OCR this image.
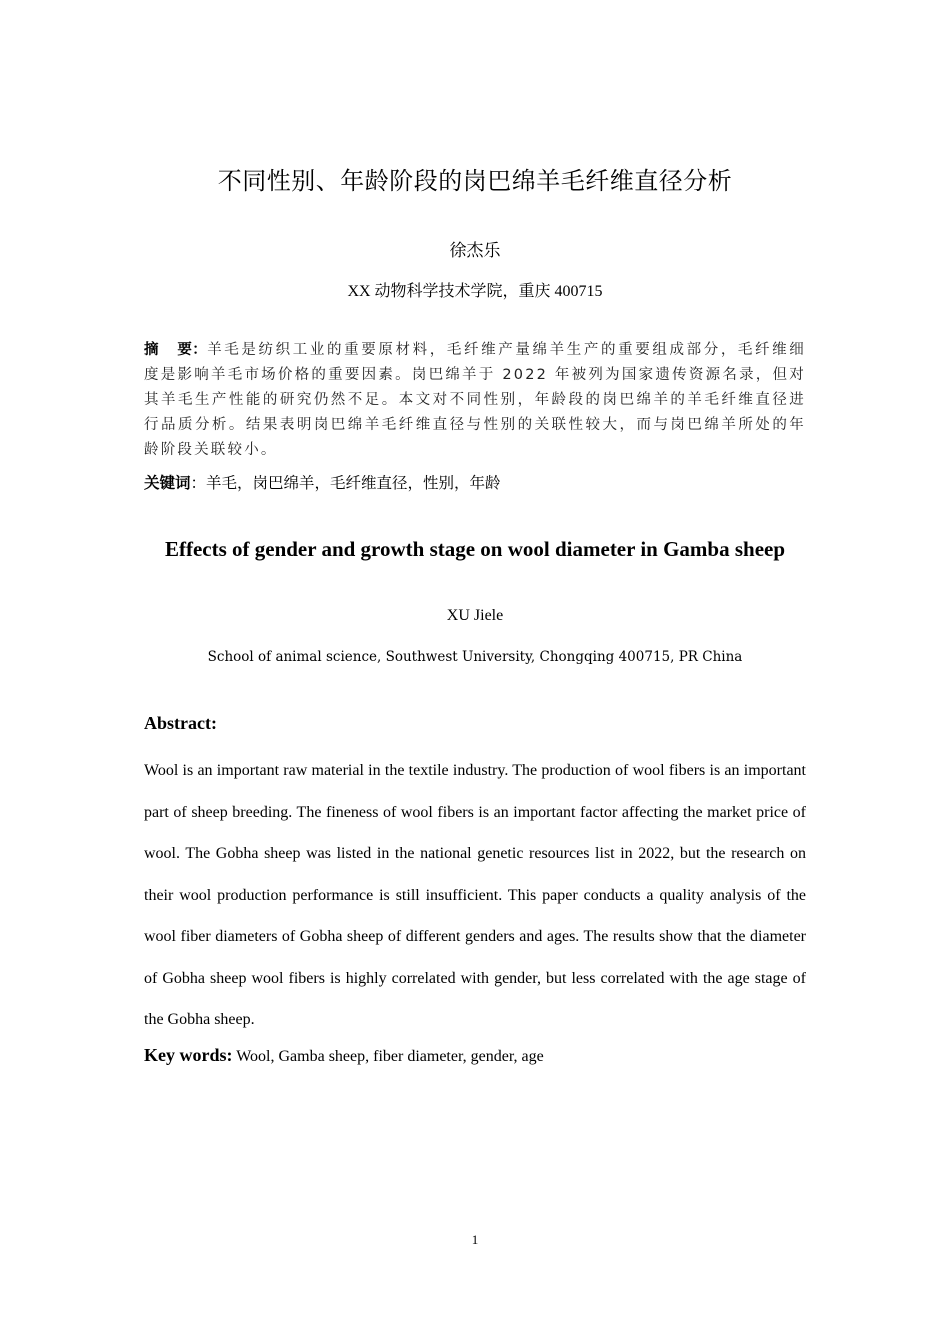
不同性别、年龄阶段的岗巴绵羊毛纤维直径分析
徐杰乐
XX 动物科学技术学院，重庆 400715
摘 要：羊毛是纺织工业的重要原材料，毛纤维产量绵羊生产的重要组成部分，毛纤维细度是影响羊毛市场价格的重要因素。岗巴绵羊于 2022 年被列为国家遗传资源名录，但对其羊毛生产性能的研究仍然不足。本文对不同性别，年龄段的岗巴绵羊的羊毛纤维直径进行品质分析。结果表明岗巴绵羊毛纤维直径与性别的关联性较大，而与岗巴绵羊所处的年龄阶段关联较小。
关键词：羊毛，岗巴绵羊，毛纤维直径，性别，年龄
Effects of gender and growth stage on wool diameter in Gamba sheep
XU Jiele
School of animal science, Southwest University, Chongqing 400715, PR China
Abstract:
Wool is an important raw material in the textile industry. The production of wool fibers is an important part of sheep breeding. The fineness of wool fibers is an important factor affecting the market price of wool. The Gobha sheep was listed in the national genetic resources list in 2022, but the research on their wool production performance is still insufficient. This paper conducts a quality analysis of the wool fiber diameters of Gobha sheep of different genders and ages. The results show that the diameter of Gobha sheep wool fibers is highly correlated with gender, but less correlated with the age stage of the Gobha sheep.
Key words: Wool, Gamba sheep, fiber diameter, gender, age
1
